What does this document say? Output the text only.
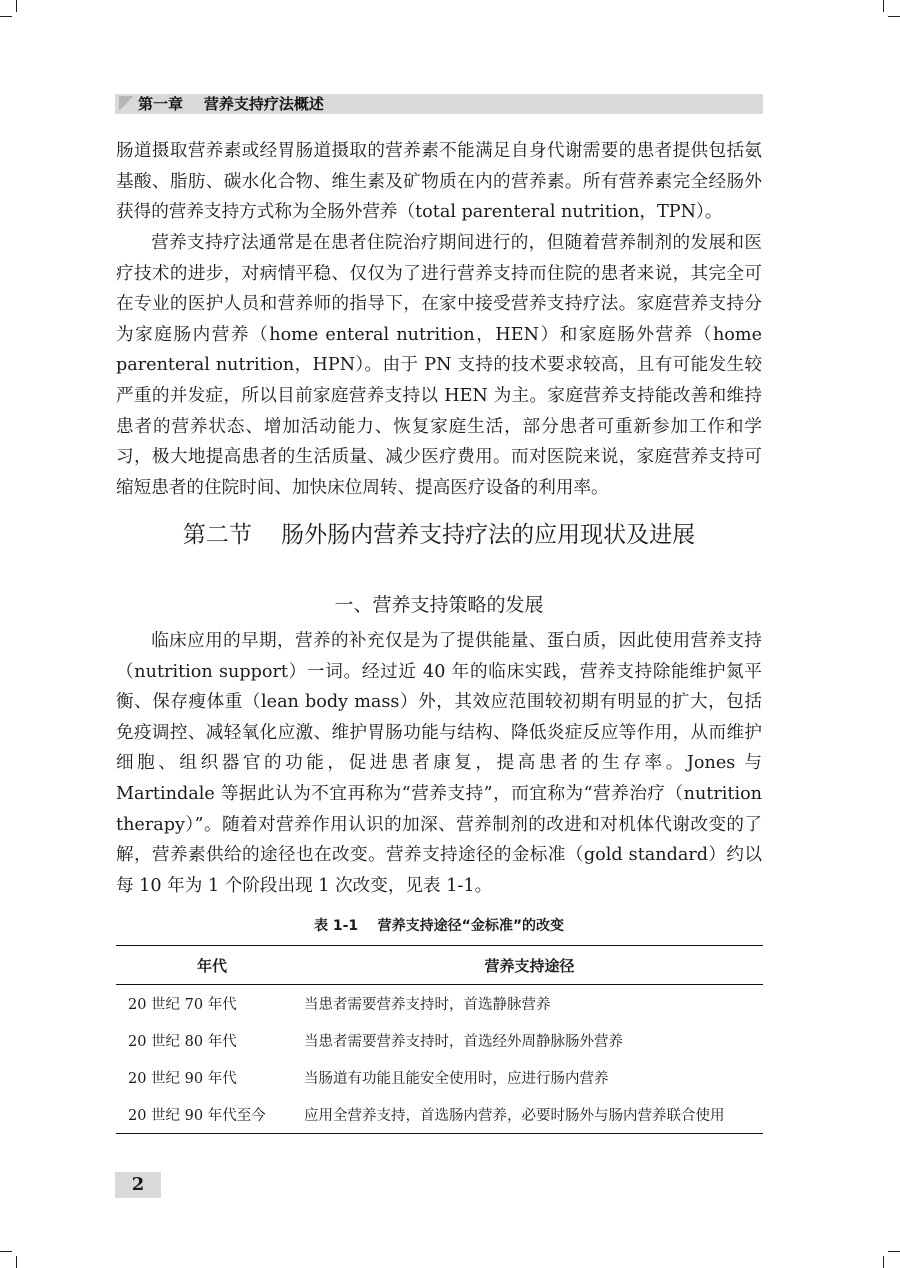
第一章    营养支持疗法概述

肠道摄取营养素或经胃肠道摄取的营养素不能满足自身代谢需要的患者提供包括氨基酸、脂肪、碳水化合物、维生素及矿物质在内的营养素。所有营养素完全经肠外获得的营养支持方式称为全肠外营养（total parenteral nutrition，TPN）。

营养支持疗法通常是在患者住院治疗期间进行的，但随着营养制剂的发展和医疗技术的进步，对病情平稳、仅仅为了进行营养支持而住院的患者来说，其完全可在专业的医护人员和营养师的指导下，在家中接受营养支持疗法。家庭营养支持分为家庭肠内营养（home enteral nutrition，HEN）和家庭肠外营养（home parenteral nutrition，HPN）。由于 PN 支持的技术要求较高，且有可能发生较严重的并发症，所以目前家庭营养支持以 HEN 为主。家庭营养支持能改善和维持患者的营养状态、增加活动能力、恢复家庭生活，部分患者可重新参加工作和学习，极大地提高患者的生活质量、减少医疗费用。而对医院来说，家庭营养支持可缩短患者的住院时间、加快床位周转、提高医疗设备的利用率。

第二节    肠外肠内营养支持疗法的应用现状及进展
一、营养支持策略的发展

临床应用的早期，营养的补充仅是为了提供能量、蛋白质，因此使用营养支持（nutrition support）一词。经过近 40 年的临床实践，营养支持除能维护氮平衡、保存瘦体重（lean body mass）外，其效应范围较初期有明显的扩大，包括免疫调控、减轻氧化应激、维护胃肠功能与结构、降低炎症反应等作用，从而维护细胞、组织器官的功能，促进患者康复，提高患者的生存率。Jones 与 Martindale 等据此认为不宜再称为“营养支持”，而宜称为“营养治疗（nutrition therapy）”。随着对营养作用认识的加深、营养制剂的改进和对机体代谢改变的了解，营养素供给的途径也在改变。营养支持途径的金标准（gold standard）约以每 10 年为 1 个阶段出现 1 次改变，见表 1-1。

表 1-1    营养支持途径“金标准”的改变

年代	营养支持途径
20 世纪 70 年代	当患者需要营养支持时，首选静脉营养
20 世纪 80 年代	当患者需要营养支持时，首选经外周静脉肠外营养
20 世纪 90 年代	当肠道有功能且能安全使用时，应进行肠内营养
20 世纪 90 年代至今	应用全营养支持，首选肠内营养，必要时肠外与肠内营养联合使用
2
